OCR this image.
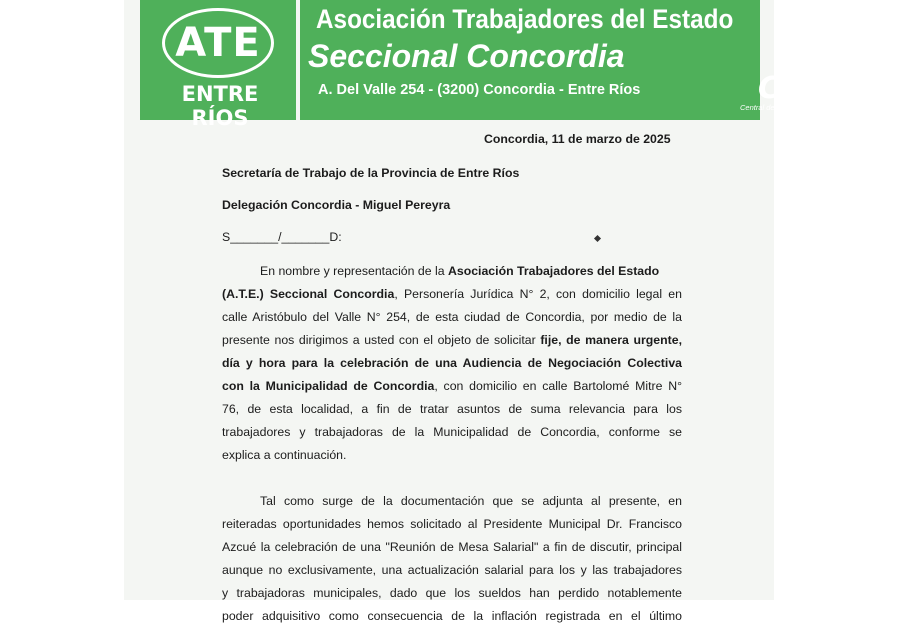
ATE
ENTRE RÍOS
Asociación Trabajadores del Estado
Seccional Concordia
A. Del Valle 254 - (3200) Concordia - Entre Ríos	CTA
Central de los Trabajadores Argentinos
Concordia, 11 de marzo de 2025
Secretaría de Trabajo de la Provincia de Entre Ríos
Delegación Concordia - Miguel Pereyra
S_______/_______D:
En nombre y representación de la Asociación Trabajadores del Estado
(A.T.E.) Seccional Concordia, Personería Jurídica N° 2, con domicilio legal en
calle Aristóbulo del Valle N° 254, de esta ciudad de Concordia, por medio de la
presente nos dirigimos a usted con el objeto de solicitar fije, de manera urgente,
día y hora para la celebración de una Audiencia de Negociación Colectiva
con la Municipalidad de Concordia, con domicilio en calle Bartolomé Mitre N°
76, de esta localidad, a fin de tratar asuntos de suma relevancia para los
trabajadores y trabajadoras de la Municipalidad de Concordia, conforme se
explica a continuación.
Tal como surge de la documentación que se adjunta al presente, en
reiteradas oportunidades hemos solicitado al Presidente Municipal Dr. Francisco
Azcué la celebración de una "Reunión de Mesa Salarial" a fin de discutir, principal
aunque no exclusivamente, una actualización salarial para los y las trabajadores
y trabajadoras municipales, dado que los sueldos han perdido notablemente
poder adquisitivo como consecuencia de la inflación registrada en el último
